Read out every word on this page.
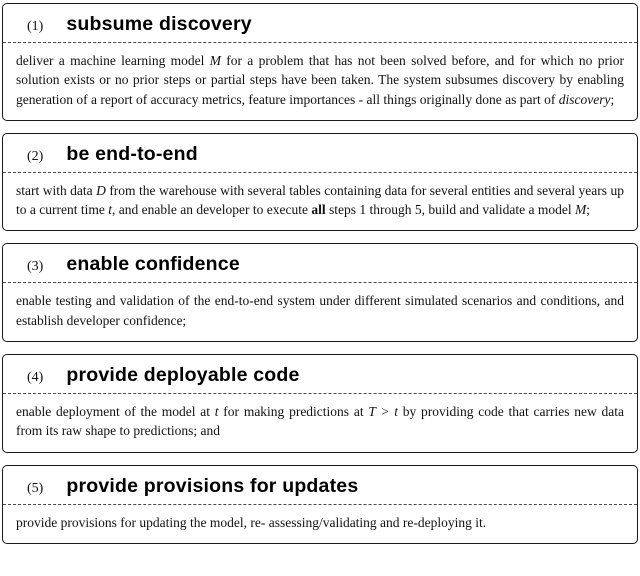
(1) subsume discovery

deliver a machine learning model M for a problem that has not been solved before, and for which no prior solution exists or no prior steps or partial steps have been taken. The system subsumes discovery by enabling generation of a report of accuracy metrics, feature importances - all things originally done as part of discovery;

(2) be end-to-end

start with data D from the warehouse with several tables containing data for several entities and several years up to a current time t, and enable an developer to execute all steps 1 through 5, build and validate a model M;

(3) enable confidence

enable testing and validation of the end-to-end system under different simulated scenarios and conditions, and establish developer confidence;

(4) provide deployable code

enable deployment of the model at t for making predictions at T > t by providing code that carries new data from its raw shape to predictions; and

(5) provide provisions for updates

provide provisions for updating the model, re- assessing/validating and re-deploying it.
